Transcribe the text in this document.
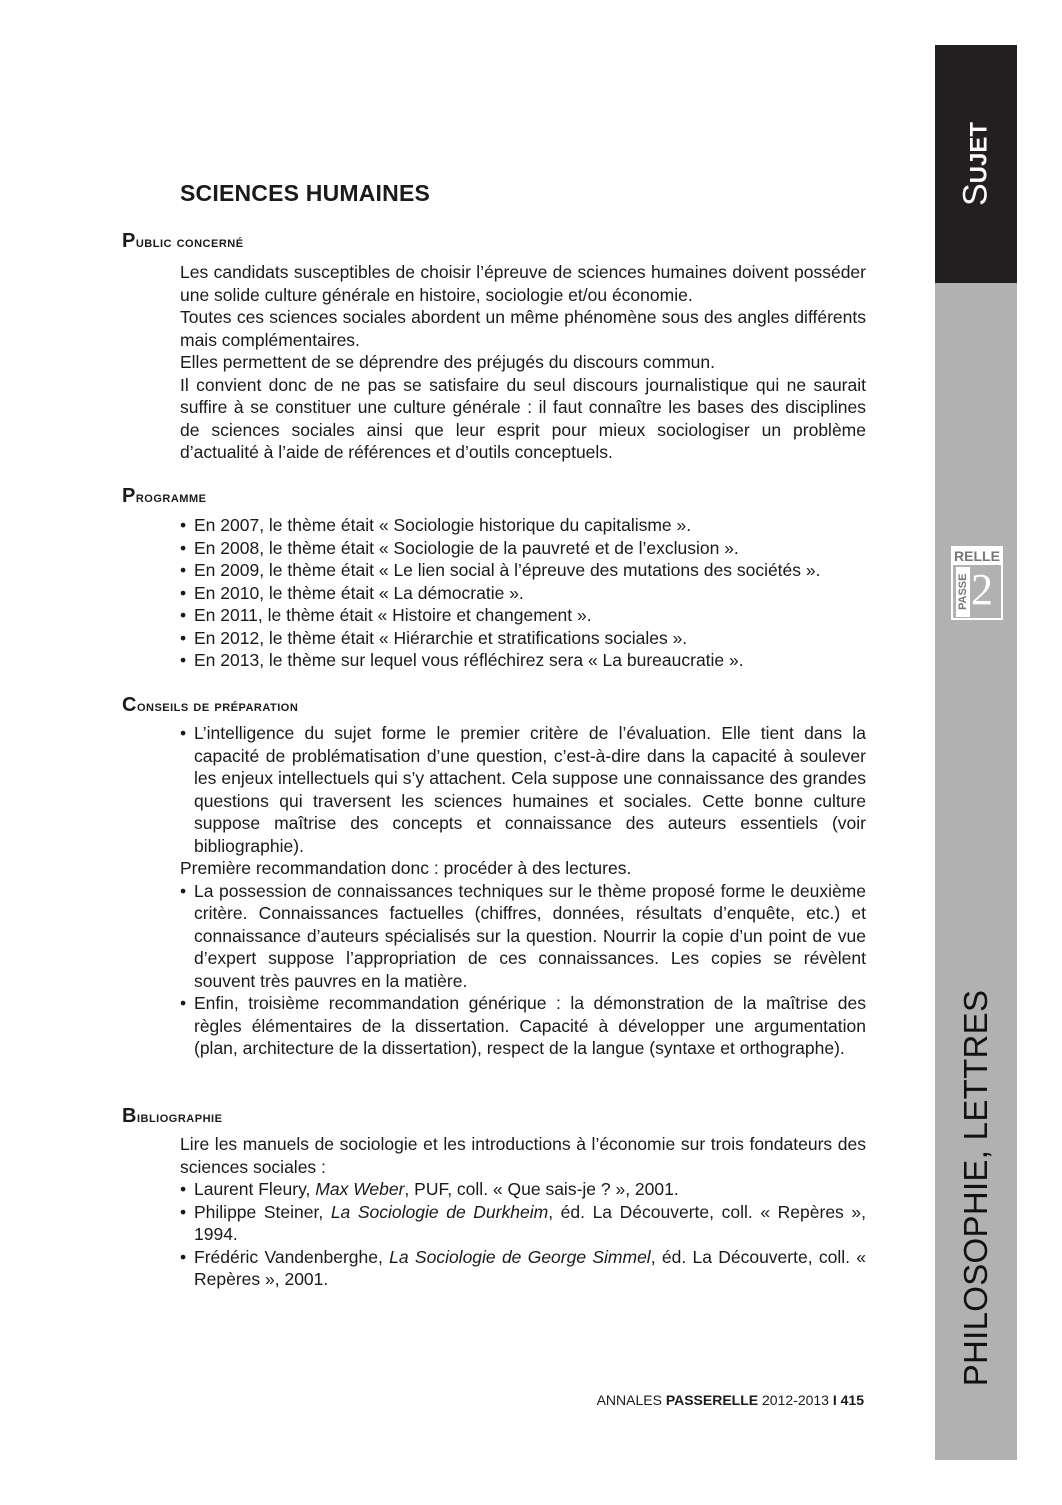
SCIENCES HUMAINES
Public concerné

Les candidats susceptibles de choisir l’épreuve de sciences humaines doivent posséder une solide culture générale en histoire, sociologie et/ou économie.

Toutes ces sciences sociales abordent un même phénomène sous des angles différents mais complémentaires.

Elles permettent de se déprendre des préjugés du discours commun.

Il convient donc de ne pas se satisfaire du seul discours journalistique qui ne saurait suffire à se constituer une culture générale : il faut connaître les bases des disciplines de sciences sociales ainsi que leur esprit pour mieux sociologiser un problème d’actualité à l’aide de références et d’outils conceptuels.

Programme
• En 2007, le thème était « Sociologie historique du capitalisme ».
• En 2008, le thème était « Sociologie de la pauvreté et de l’exclusion ».
• En 2009, le thème était « Le lien social à l’épreuve des mutations des sociétés ».
• En 2010, le thème était « La démocratie ».
• En 2011, le thème était « Histoire et changement ».
• En 2012, le thème était « Hiérarchie et stratifications sociales ».
• En 2013, le thème sur lequel vous réfléchirez sera « La bureaucratie ».
Conseils de préparation
• L’intelligence du sujet forme le premier critère de l’évaluation. Elle tient dans la capacité de problématisation d’une question, c’est-à-dire dans la capacité à soulever les enjeux intellectuels qui s’y attachent. Cela suppose une connaissance des grandes questions qui traversent les sciences humaines et sociales. Cette bonne culture suppose maîtrise des concepts et connaissance des auteurs essentiels (voir bibliographie).

Première recommandation donc : procéder à des lectures.

• La possession de connaissances techniques sur le thème proposé forme le deuxième critère. Connaissances factuelles (chiffres, données, résultats d’enquête, etc.) et connaissance d’auteurs spécialisés sur la question. Nourrir la copie d’un point de vue d’expert suppose l’appropriation de ces connaissances. Les copies se révèlent souvent très pauvres en la matière.
• Enfin, troisième recommandation générique : la démonstration de la maîtrise des règles élémentaires de la dissertation. Capacité à développer une argumentation (plan, architecture de la dissertation), respect de la langue (syntaxe et orthographe).
Bibliographie

Lire les manuels de sociologie et les introductions à l’économie sur trois fondateurs des sciences sociales :

• Laurent Fleury, Max Weber, PUF, coll. « Que sais-je ? », 2001.
• Philippe Steiner, La Sociologie de Durkheim, éd. La Découverte, coll. « Repères », 1994.
• Frédéric Vandenberghe, La Sociologie de George Simmel, éd. La Découverte, coll. « Repères », 2001.
Sujet
RELLE
PASSE 2
PHILOSOPHIE, LETTRES

ANNALES PASSERELLE 2012-2013 I 415
